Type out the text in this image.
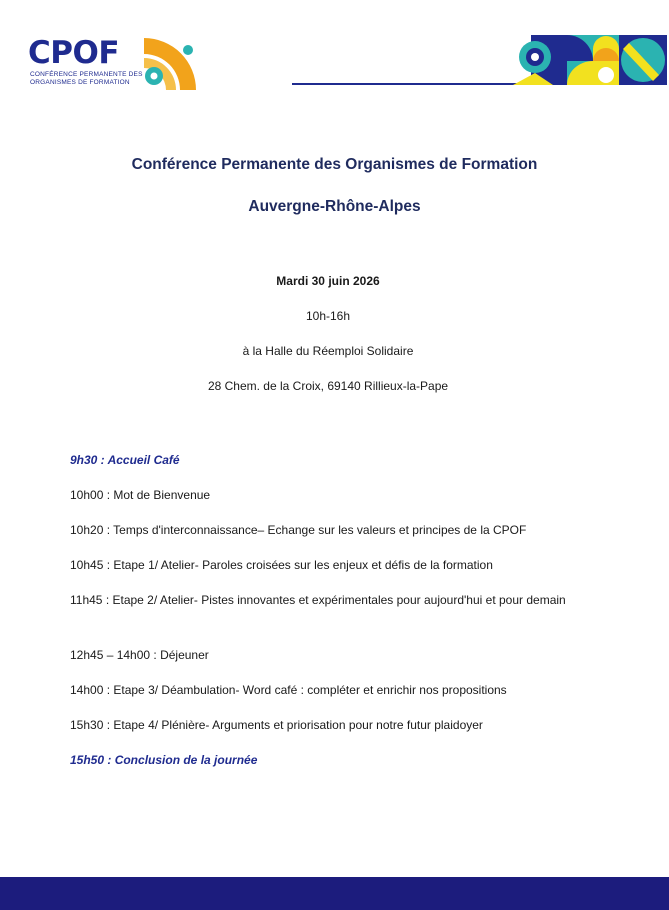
CPOF
CONFÉRENCE PERMANENTE DES
ORGANISMES DE FORMATION
Conférence Permanente des Organismes de Formation
Auvergne-Rhône-Alpes
Mardi 30 juin 2026
10h-16h
à la Halle du Réemploi Solidaire
28 Chem. de la Croix, 69140 Rillieux-la-Pape
9h30 : Accueil Café
10h00 : Mot de Bienvenue
10h20 : Temps d'interconnaissance– Echange sur les valeurs et principes de la CPOF
10h45 : Etape 1/ Atelier- Paroles croisées sur les enjeux et défis de la formation
11h45 : Etape 2/ Atelier- Pistes innovantes et expérimentales pour aujourd'hui et pour demain
12h45 – 14h00 : Déjeuner
14h00 : Etape 3/ Déambulation- Word café : compléter et enrichir nos propositions
15h30 : Etape 4/ Plénière- Arguments et priorisation pour notre futur plaidoyer
15h50 : Conclusion de la journée
